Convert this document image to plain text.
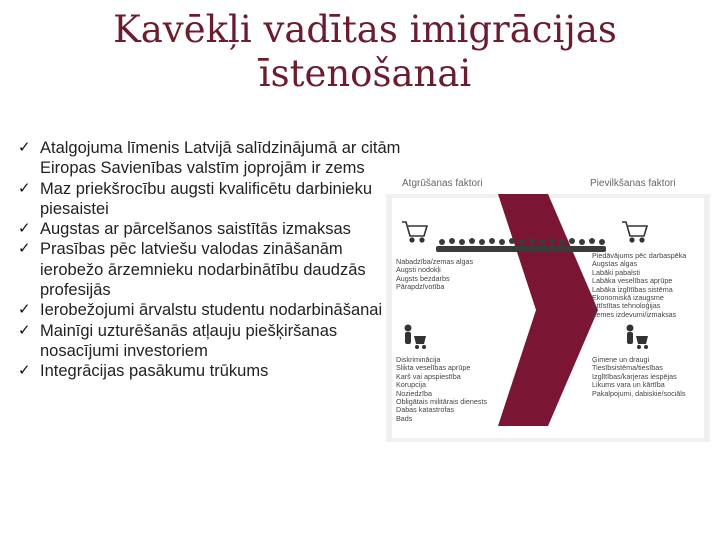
Kavēkļi vadītas imigrācijas īstenošanai
✓ Atalgojuma līmenis Latvijā salīdzinājumā ar citām Eiropas Savienības valstīm joprojām ir zems
✓ Maz priekšrocību augsti kvalificētu darbinieku piesaistei
✓ Augstas ar pārcelšanos saistītās izmaksas
✓ Prasības pēc latviešu valodas zināšanām ierobežo ārzemnieku nodarbinātību daudzās profesijās
✓ Ierobežojumi ārvalstu studentu nodarbināšanai
✓ Mainīgi uzturēšanās atļauju piešķiršanas nosacījumi investoriem
✓ Integrācijas pasākumu trūkums
Atgrūšanas faktori	Pievilkšanas faktori
Nabadzība/zemas algas
Augsti nodokļi
Augsts bezdarbs
Pārapdzīvotība
Piedāvājums pēc darbaspēka
Augstas algas
Labāki pabalsti
Labāka veselības aprūpe
Labāka izglītības sistēma
Ekonomiskā izaugsme
Attīstītas tehnoloģijas
Zemes izdevumi/izmaksas
Diskriminācija
Slikta veselības aprūpe
Karš vai apspiestība
Korupcija
Noziedzība
Obligātais militārais dienests
Dabas katastrofas
Bads
Ģimene un draugi
Tiesībsistēma/tiesības
Izglītības/karjeras iespējas
Likums vara un kārtība
Pakalpojumi, dabiskie/sociāls
